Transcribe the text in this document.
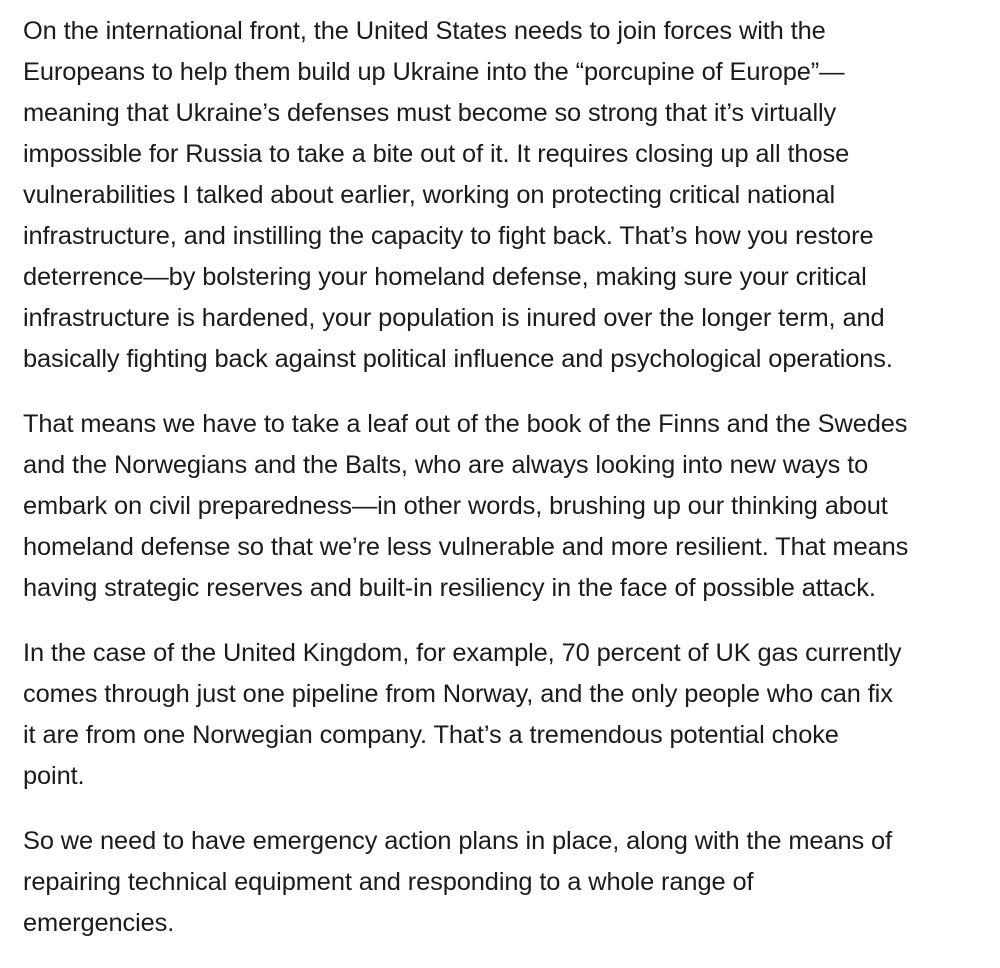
On the international front, the United States needs to join forces with the
Europeans to help them build up Ukraine into the “porcupine of Europe”—
meaning that Ukraine’s defenses must become so strong that it’s virtually
impossible for Russia to take a bite out of it. It requires closing up all those
vulnerabilities I talked about earlier, working on protecting critical national
infrastructure, and instilling the capacity to fight back. That’s how you restore
deterrence—by bolstering your homeland defense, making sure your critical
infrastructure is hardened, your population is inured over the longer term, and
basically fighting back against political influence and psychological operations.

That means we have to take a leaf out of the book of the Finns and the Swedes
and the Norwegians and the Balts, who are always looking into new ways to
embark on civil preparedness—in other words, brushing up our thinking about
homeland defense so that we’re less vulnerable and more resilient. That means
having strategic reserves and built-in resiliency in the face of possible attack.

In the case of the United Kingdom, for example, 70 percent of UK gas currently
comes through just one pipeline from Norway, and the only people who can fix
it are from one Norwegian company. That’s a tremendous potential choke
point.

So we need to have emergency action plans in place, along with the means of
repairing technical equipment and responding to a whole range of
emergencies.
